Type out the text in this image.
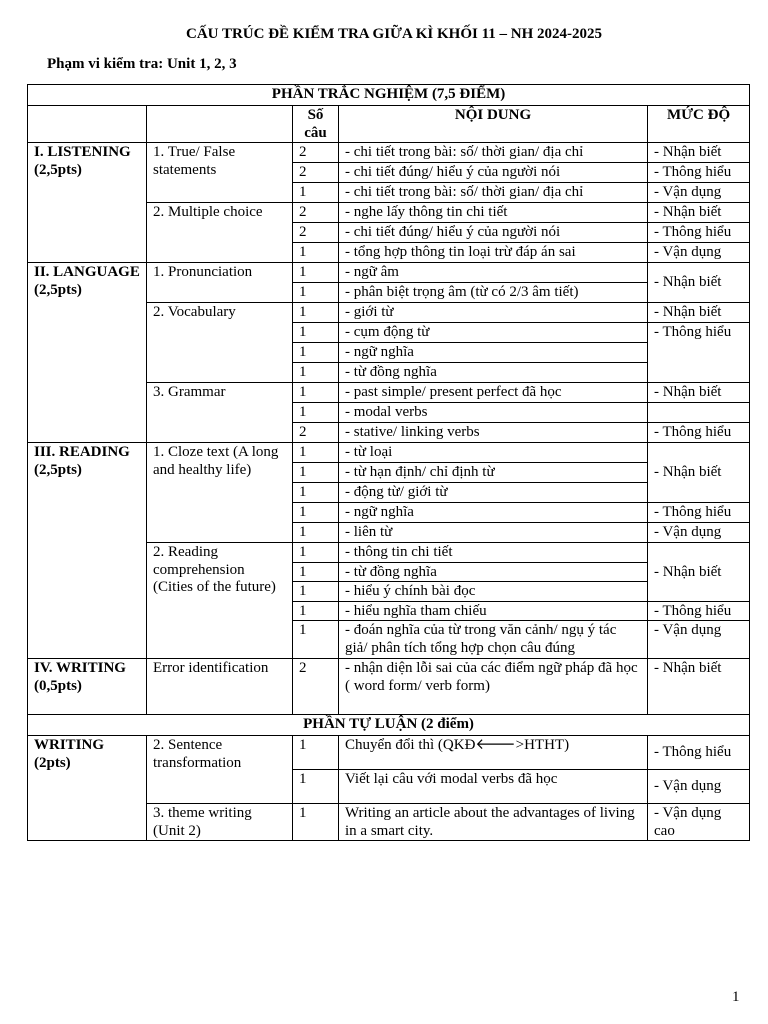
CẤU TRÚC ĐỀ KIỂM TRA GIỮA KÌ KHỐI 11 – NH 2024-2025
Phạm vi kiểm tra: Unit 1, 2, 3
PHẦN TRẮC NGHIỆM (7,5 ĐIỂM)				
		Số câu	NỘI DUNG	MỨC ĐỘ
I. LISTENING (2,5pts)	1. True/ False statements	2	- chi tiết trong bài: số/ thời gian/ địa chỉ	- Nhận biết
		2	- chi tiết đúng/ hiểu ý của người nói	- Thông hiểu
		1	- chi tiết trong bài: số/ thời gian/ địa chỉ	- Vận dụng
	2. Multiple choice	2	- nghe lấy thông tin chi tiết	- Nhận biết
		2	- chi tiết đúng/ hiểu ý của người nói	- Thông hiểu
		1	- tổng hợp thông tin loại trừ đáp án sai	- Vận dụng
II. LANGUAGE (2,5pts)	1. Pronunciation	1	- ngữ âm	- Nhận biết
		1	- phân biệt trọng âm (từ có 2/3 âm tiết)	
	2. Vocabulary	1	- giới từ	- Nhận biết
		1	- cụm động từ	- Thông hiểu
		1	- ngữ nghĩa	
		1	- từ đồng nghĩa	
	3. Grammar	1	- past simple/ present perfect đã học	- Nhận biết
		1	- modal verbs	
		2	- stative/ linking verbs	- Thông hiểu
III. READING (2,5pts)	1. Cloze text (A long and healthy life)	1	- từ loại	- Nhận biết
		1	- từ hạn định/ chỉ định từ	
		1	- động từ/ giới từ	
		1	- ngữ nghĩa	- Thông hiểu
		1	- liên từ	- Vận dụng
	2. Reading comprehension (Cities of the future)	1	- thông tin chi tiết	- Nhận biết
		1	- từ đồng nghĩa	
		1	- hiểu ý chính bài đọc	
		1	- hiểu nghĩa tham chiếu	- Thông hiểu
		1	- đoán nghĩa của từ trong văn cảnh/ ngụ ý tác giả/ phân tích tổng hợp chọn câu đúng	- Vận dụng
IV. WRITING (0,5pts)	Error identification	2	- nhận diện lỗi sai của các điểm ngữ pháp đã học ( word form/ verb form)	- Nhận biết
PHẦN TỰ LUẬN (2 điểm)				
WRITING (2pts)	2. Sentence transformation	1	Chuyển đổi thì (QKĐ🡐>HTHT)	- Thông hiểu
		1	Viết lại câu với modal verbs đã học	- Vận dụng
	3. theme writing (Unit 2)	1	Writing an article about the advantages of living in a smart city.	- Vận dụng cao
1
